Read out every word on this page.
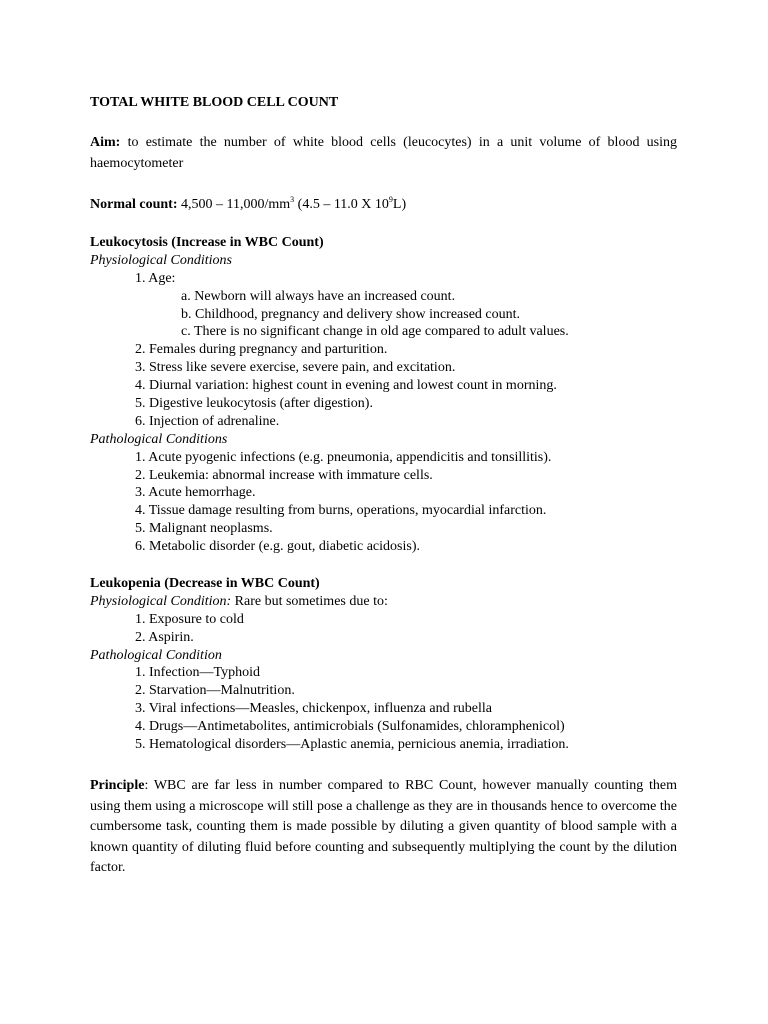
TOTAL WHITE BLOOD CELL COUNT
Aim: to estimate the number of white blood cells (leucocytes) in a unit volume of blood using haemocytometer
Normal count: $4,500 - 11,000/mm^3$ (4.5 – 11.0 X $10^9L$)
Leukocytosis (Increase in WBC Count)
Physiological Conditions
1. Age:
a. Newborn will always have an increased count.
b. Childhood, pregnancy and delivery show increased count.
c. There is no significant change in old age compared to adult values.
2. Females during pregnancy and parturition.
3. Stress like severe exercise, severe pain, and excitation.
4. Diurnal variation: highest count in evening and lowest count in morning.
5. Digestive leukocytosis (after digestion).
6. Injection of adrenaline.
Pathological Conditions
1. Acute pyogenic infections (e.g. pneumonia, appendicitis and tonsillitis).
2. Leukemia: abnormal increase with immature cells.
3. Acute hemorrhage.
4. Tissue damage resulting from burns, operations, myocardial infarction.
5. Malignant neoplasms.
6. Metabolic disorder (e.g. gout, diabetic acidosis).
Leukopenia (Decrease in WBC Count)
Physiological Condition: Rare but sometimes due to:
1. Exposure to cold
2. Aspirin.
Pathological Condition
1. Infection—Typhoid
2. Starvation—Malnutrition.
3. Viral infections—Measles, chickenpox, influenza and rubella
4. Drugs—Antimetabolites, antimicrobials (Sulfonamides, chloramphenicol)
5. Hematological disorders—Aplastic anemia, pernicious anemia, irradiation.
Principle: WBC are far less in number compared to RBC Count, however manually counting them using them using a microscope will still pose a challenge as they are in thousands hence to overcome the cumbersome task, counting them is made possible by diluting a given quantity of blood sample with a known quantity of diluting fluid before counting and subsequently multiplying the count by the dilution factor.
